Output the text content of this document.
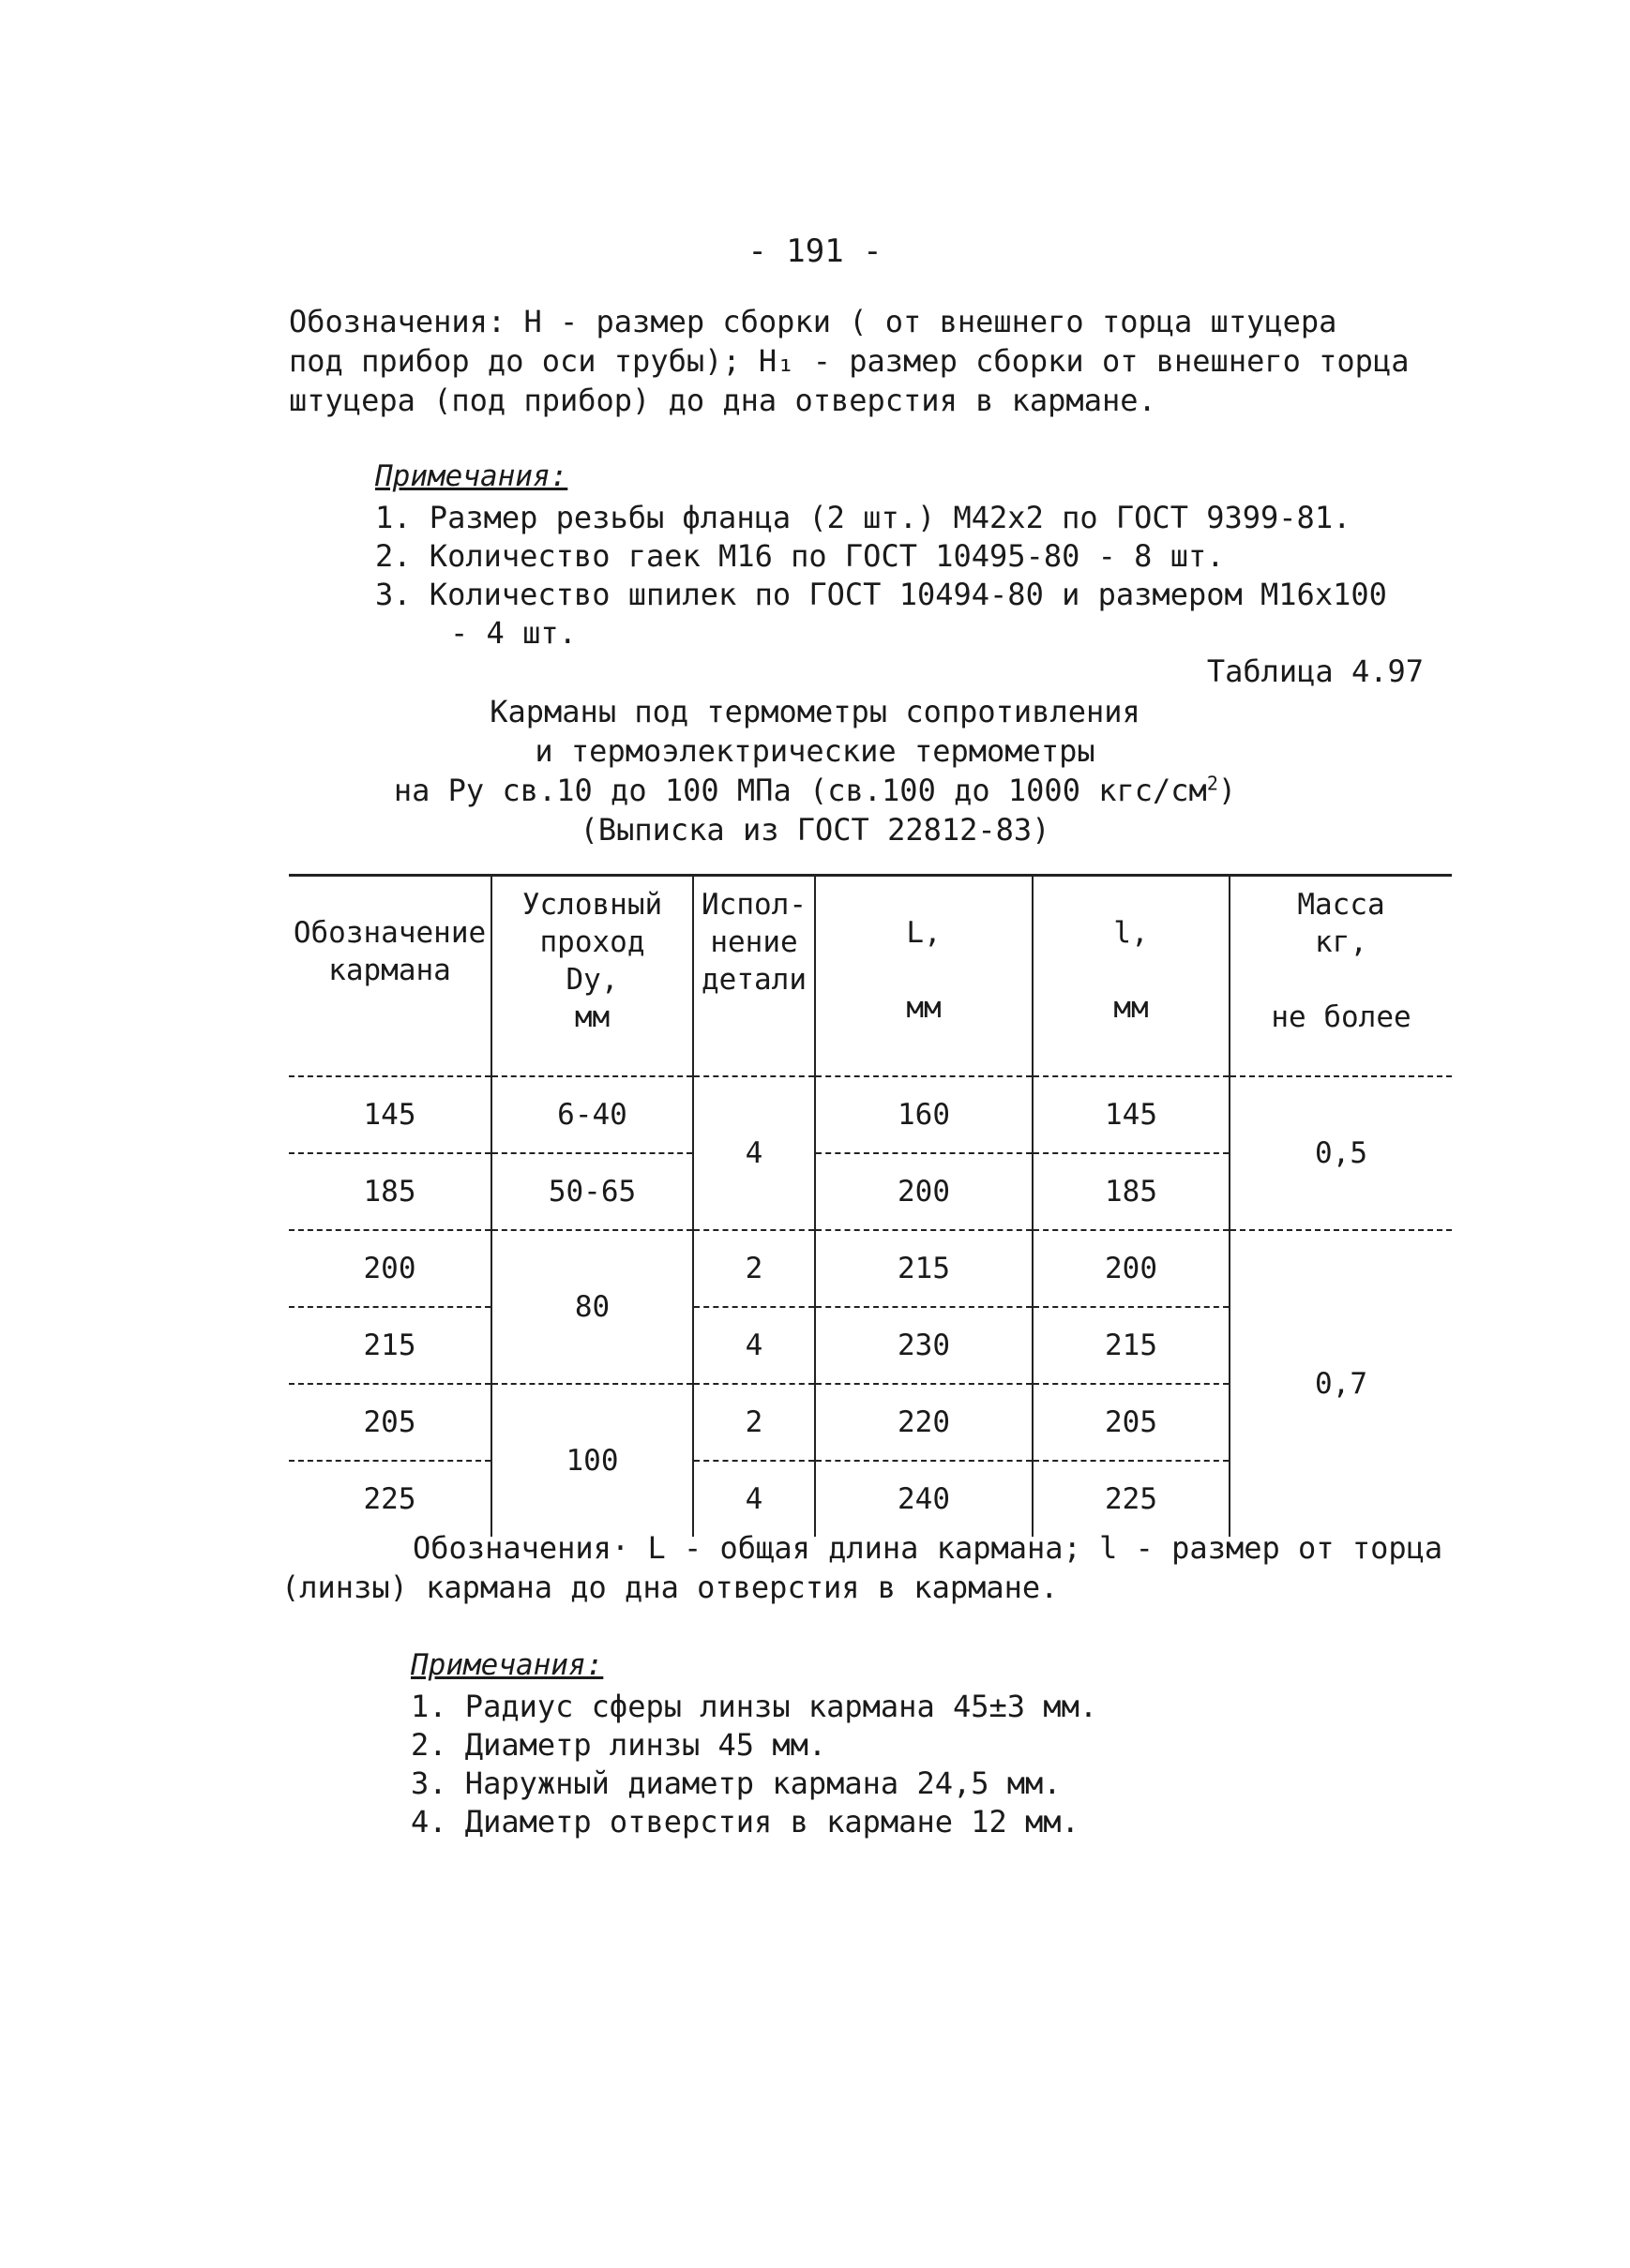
- 191 -

Обозначения: H - размер сборки ( от внешнего торца штуцера
под прибор до оси трубы); H₁ - размер сборки от внешнего торца
штуцера (под прибор) до дна отверстия в кармане.

Примечания:
1. Размер резьбы фланца (2 шт.) M42x2 по ГОСТ 9399-81.
2. Количество гаек M16 по ГОСТ 10495-80 - 8 шт.
3. Количество шпилек по ГОСТ 10494-80 и размером M16x100
- 4 шт.
Таблица 4.97
Карманы под термометры сопротивления
и термоэлектрические термометры
на Ру св.10 до 100 МПа (св.100 до 1000 кгс/$см^2$)
(Выписка из ГОСТ 22812-83)
Обозначение
кармана	Условный
проход
Dy,
мм	Испол-
нение
детали	L,
мм	l,
мм	Масса
кг,
не более

145	6-40	4	160	145	0,5
185	50-65		200	185	
200	80	2	215	200	0,7
215		4	230	215	
205	100	2	220	205	
225		4	240	225	

Обозначения· L - общая длина кармана; l - размер от торца
(линзы) кармана до дна отверстия в кармане.

Примечания:
1. Радиус сферы линзы кармана 45±3 мм.
2. Диаметр линзы 45 мм.
3. Наружный диаметр кармана 24,5 мм.
4. Диаметр отверстия в кармане 12 мм.
